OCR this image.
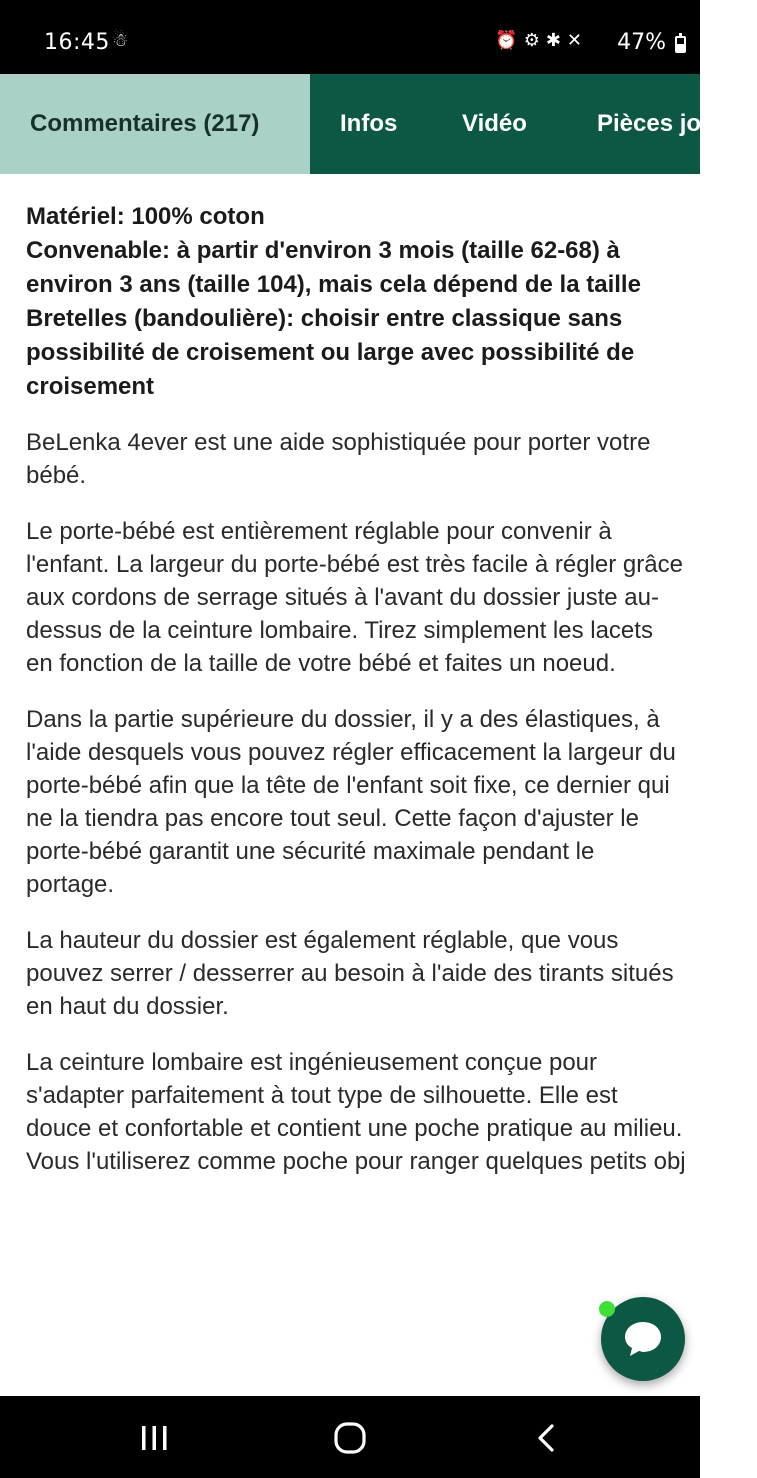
16:45 ☃	⏰⚙✱✕ 47%
Commentaires (217)	Infos	Vidéo	Pièces jointes
Matériel: 100% coton
Convenable: à partir d'environ 3 mois (taille 62-68) à environ 3 ans (taille 104), mais cela dépend de la taille
Bretelles (bandoulière): choisir entre classique sans possibilité de croisement ou large avec possibilité de croisement

BeLenka 4ever est une aide sophistiquée pour porter votre bébé.

Le porte-bébé est entièrement réglable pour convenir à l'enfant. La largeur du porte-bébé est très facile à régler grâce aux cordons de serrage situés à l'avant du dossier juste au-dessus de la ceinture lombaire. Tirez simplement les lacets en fonction de la taille de votre bébé et faites un noeud.

Dans la partie supérieure du dossier, il y a des élastiques, à l'aide desquels vous pouvez régler efficacement la largeur du porte-bébé afin que la tête de l'enfant soit fixe, ce dernier qui ne la tiendra pas encore tout seul. Cette façon d'ajuster le porte-bébé garantit une sécurité maximale pendant le portage.

La hauteur du dossier est également réglable, que vous pouvez serrer / desserrer au besoin à l'aide des tirants situés en haut du dossier.

La ceinture lombaire est ingénieusement conçue pour s'adapter parfaitement à tout type de silhouette. Elle est douce et confortable et contient une poche pratique au milieu. Vous l'utiliserez comme poche pour ranger quelques petits obj
